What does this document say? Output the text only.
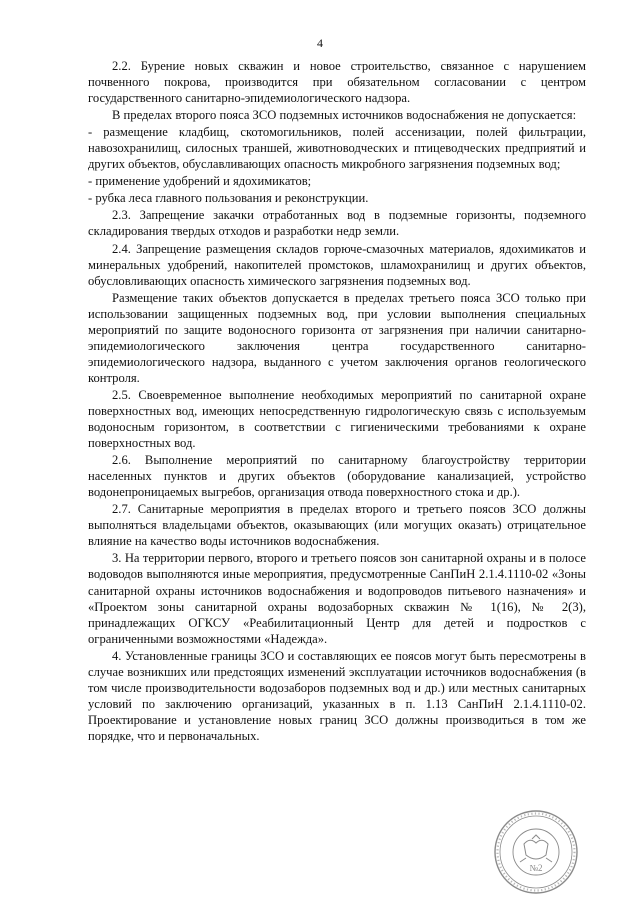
4

2.2. Бурение новых скважин и новое строительство, связанное с нарушением почвенного покрова, производится при обязательном согласовании с центром государственного санитарно-эпидемиологического надзора.

В пределах второго пояса ЗСО подземных источников водоснабжения не допускается:

- размещение кладбищ, скотомогильников, полей ассенизации, полей фильтрации, навозохранилищ, силосных траншей, животноводческих и птицеводческих предприятий и других объектов, обуславливающих опасность микробного загрязнения подземных вод;

- применение удобрений и ядохимикатов;

- рубка леса главного пользования и реконструкции.

2.3. Запрещение закачки отработанных вод в подземные горизонты, подземного складирования твердых отходов и разработки недр земли.

2.4. Запрещение размещения складов горюче-смазочных материалов, ядохимикатов и минеральных удобрений, накопителей промстоков, шламохранилищ и других объектов, обусловливающих опасность химического загрязнения подземных вод.

Размещение таких объектов допускается в пределах третьего пояса ЗСО только при использовании защищенных подземных вод, при условии выполнения специальных мероприятий по защите водоносного горизонта от загрязнения при наличии санитарно-эпидемиологического заключения центра государственного санитарно-эпидемиологического надзора, выданного с учетом заключения органов геологического контроля.

2.5. Своевременное выполнение необходимых мероприятий по санитарной охране поверхностных вод, имеющих непосредственную гидрологическую связь с используемым водоносным горизонтом, в соответствии с гигиеническими требованиями к охране поверхностных вод.

2.6. Выполнение мероприятий по санитарному благоустройству территории населенных пунктов и других объектов (оборудование канализацией, устройство водонепроницаемых выгребов, организация отвода поверхностного стока и др.).

2.7. Санитарные мероприятия в пределах второго и третьего поясов ЗСО должны выполняться владельцами объектов, оказывающих (или могущих оказать) отрицательное влияние на качество воды источников водоснабжения.

3. На территории первого, второго и третьего поясов зон санитарной охраны и в полосе водоводов выполняются иные мероприятия, предусмотренные СанПиН 2.1.4.1110-02 «Зоны санитарной охраны источников водоснабжения и водопроводов питьевого назначения» и «Проектом зоны санитарной охраны водозаборных скважин № 1(16), № 2(3), принадлежащих ОГКСУ «Реабилитационный Центр для детей и подростков с ограниченными возможностями «Надежда».

4. Установленные границы ЗСО и составляющих ее поясов могут быть пересмотрены в случае возникших или предстоящих изменений эксплуатации источников водоснабжения (в том числе производительности водозаборов подземных вод и др.) или местных санитарных условий по заключению организаций, указанных в п. 1.13 СанПиН 2.1.4.1110-02. Проектирование и установление новых границ ЗСО должны производиться в том же порядке, что и первоначальных.

№2
